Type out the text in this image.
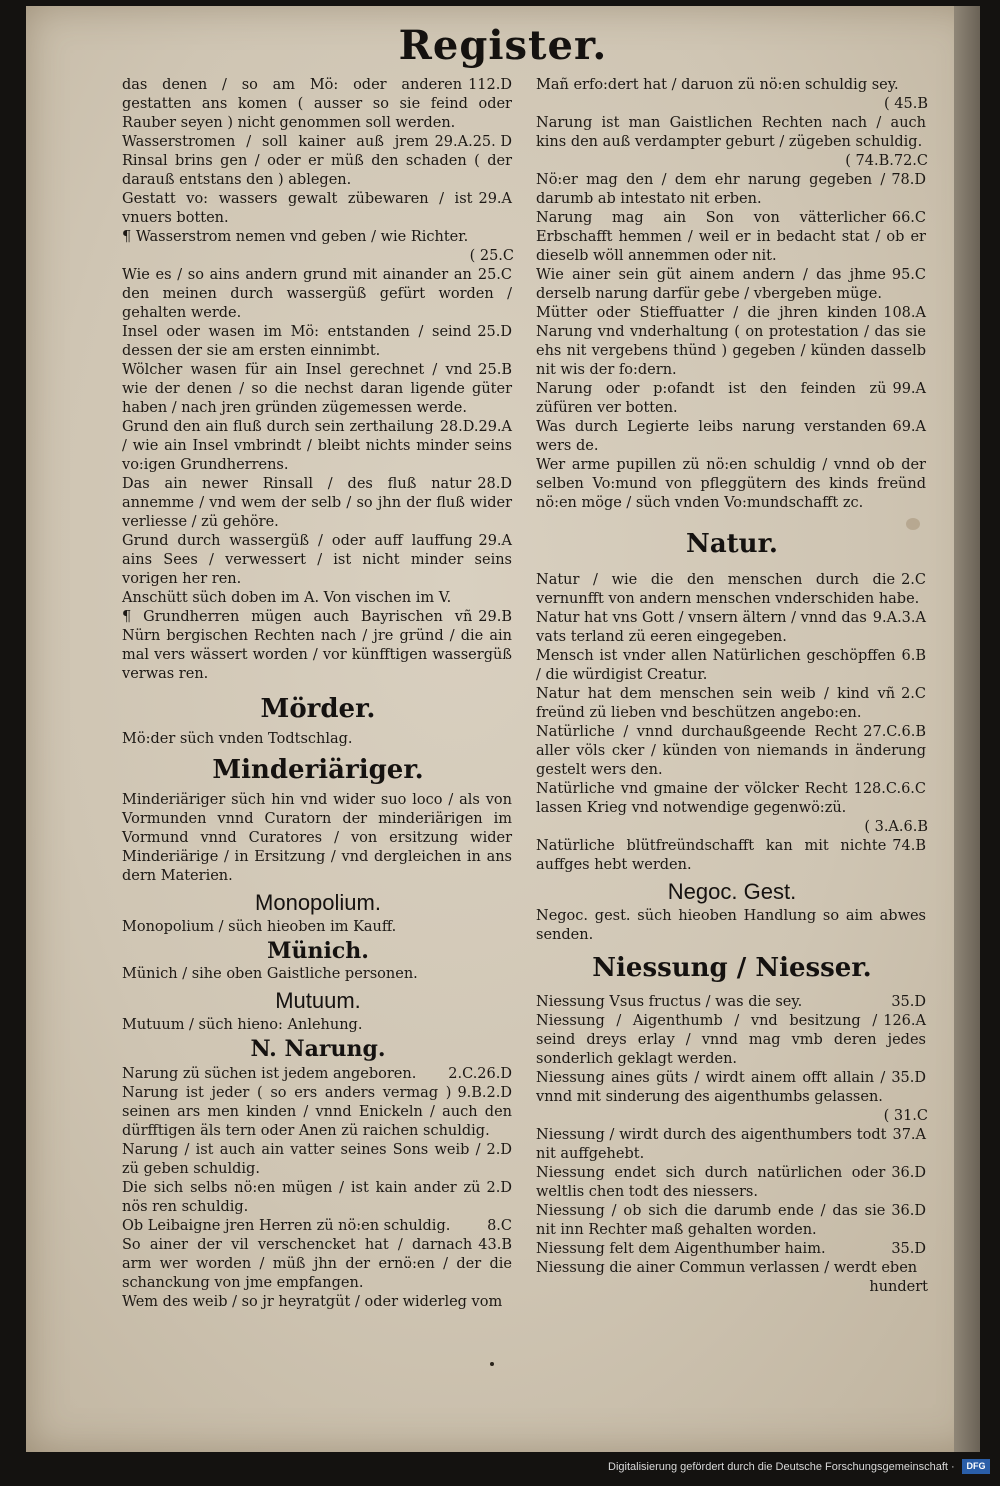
Register.

112.D
das denen / so am Mö: oder anderen gestatten ans komen ( ausser so sie feind oder Rauber seyen ) nicht genommen soll werden.

29.A.25. D
Wasserstromen / soll kainer auß jrem Rinsal brins gen / oder er müß den schaden ( der darauß entstans den ) ablegen.

29.A
Gestatt vo: wassers gewalt zübewaren / ist vnuers botten.

¶ Wasserstrom nemen vnd geben / wie Richter.

( 25.C

25.C
Wie es / so ains andern grund mit ainander an den meinen durch wassergüß gefürt worden / gehalten werde.

25.D
Insel oder wasen im Mö: entstanden / seind dessen der sie am ersten einnimbt.

25.B
Wölcher wasen für ain Insel gerechnet / vnd wie der denen / so die nechst daran ligende güter haben / nach jren gründen zügemessen werde.

28.D.29.A
Grund den ain fluß durch sein zerthailung / wie ain Insel vmbrindt / bleibt nichts minder seins vo:igen Grundherrens.

28.D
Das ain newer Rinsall / des fluß natur annemme / vnd wem der selb / so jhn der fluß wider verliesse / zü gehöre.

29.A
Grund durch wassergüß / oder auff lauffung ains Sees / verwessert / ist nicht minder seins vorigen her ren.

Anschütt süch doben im A. Von vischen im V.

29.B
¶ Grundherren mügen auch Bayrischen vñ Nürn bergischen Rechten nach / jre gründ / die ain mal vers wässert worden / vor künfftigen wassergüß verwas ren.

Mörder.

Mö:der süch vnden Todtschlag.

Minderiäriger.

Minderiäriger süch hin vnd wider suo loco / als von Vormunden vnnd Curatorn der minderiärigen im Vormund vnnd Curatores / von ersitzung wider Minderiärige / in Ersitzung / vnd dergleichen in ans dern Materien.

Monopolium.

Monopolium / süch hieoben im Kauff.

Münich.

Münich / sihe oben Gaistliche personen.

Mutuum.

Mutuum / süch hieno: Anlehung.

N. Narung.

2.C.26.D
Narung zü süchen ist jedem angeboren.

9.B.2.D
Narung ist jeder ( so ers anders vermag ) seinen ars men kinden / vnnd Enickeln / auch den dürfftigen äls tern oder Anen zü raichen schuldig.

2.D
Narung / ist auch ain vatter seines Sons weib / zü geben schuldig.

2.D
Die sich selbs nö:en mügen / ist kain ander zü nös ren schuldig.

8.C
Ob Leibaigne jren Herren zü nö:en schuldig.

43.B
So ainer der vil verschencket hat / darnach arm wer worden / müß jhn der ernö:en / der die schanckung von jme empfangen.

Wem des weib / so jr heyratgüt / oder widerleg vom

Mañ erfo:dert hat / daruon zü nö:en schuldig sey.

( 45.B

Narung ist man Gaistlichen Rechten nach / auch kins den auß verdampter geburt / zügeben schuldig.

( 74.B.72.C

78.D
Nö:er mag den / dem ehr narung gegeben / darumb ab intestato nit erben.

66.C
Narung mag ain Son von vätterlicher Erbschafft hemmen / weil er in bedacht stat / ob er dieselb wöll annemmen oder nit.

95.C
Wie ainer sein güt ainem andern / das jhme derselb narung darfür gebe / vbergeben müge.

108.A
Mütter oder Stieffuatter / die jhren kinden Narung vnd vnderhaltung ( on protestation / das sie ehs nit vergebens thünd ) gegeben / künden dasselb nit wis der fo:dern.

99.A
Narung oder p:ofandt ist den feinden zü züfüren ver botten.

69.A
Was durch Legierte leibs narung verstanden wers de.

Wer arme pupillen zü nö:en schuldig / vnnd ob der selben Vo:mund von pfleggütern des kinds freünd nö:en möge / süch vnden Vo:mundschafft zc.

Natur.

2.C
Natur / wie die den menschen durch die vernunfft von andern menschen vnderschiden habe.

9.A.3.A
Natur hat vns Gott / vnsern ältern / vnnd das vats terland zü eeren eingegeben.

6.B
Mensch ist vnder allen Natürlichen geschöpffen / die würdigist Creatur.

2.C
Natur hat dem menschen sein weib / kind vñ freünd zü lieben vnd beschützen angebo:en.

27.C.6.B
Natürliche / vnnd durchaußgeende Recht aller völs cker / künden von niemands in änderung gestelt wers den.

128.C.6.C
Natürliche vnd gmaine der völcker Recht lassen Krieg vnd notwendige gegenwö:zü.

( 3.A.6.B

74.B
Natürliche blütfreündschafft kan mit nichte auffges hebt werden.

Negoc. Gest.

Negoc. gest. süch hieoben Handlung so aim abwes senden.

Niessung / Niesser.

35.D
Niessung Vsus fructus / was die sey.

126.A
Niessung / Aigenthumb / vnd besitzung / seind dreys erlay / vnnd mag vmb deren jedes sonderlich geklagt werden.

35.D
Niessung aines güts / wirdt ainem offt allain / vnnd mit sinderung des aigenthumbs gelassen.

( 31.C

37.A
Niessung / wirdt durch des aigenthumbers todt nit auffgehebt.

36.D
Niessung endet sich durch natürlichen oder weltlis chen todt des niessers.

36.D
Niessung / ob sich die darumb ende / das sie nit inn Rechter maß gehalten worden.

35.D
Niessung felt dem Aigenthumber haim.

Niessung die ainer Commun verlassen / werdt eben

hundert
Digitalisierung gefördert durch die Deutsche Forschungsgemeinschaft ·	DFG
